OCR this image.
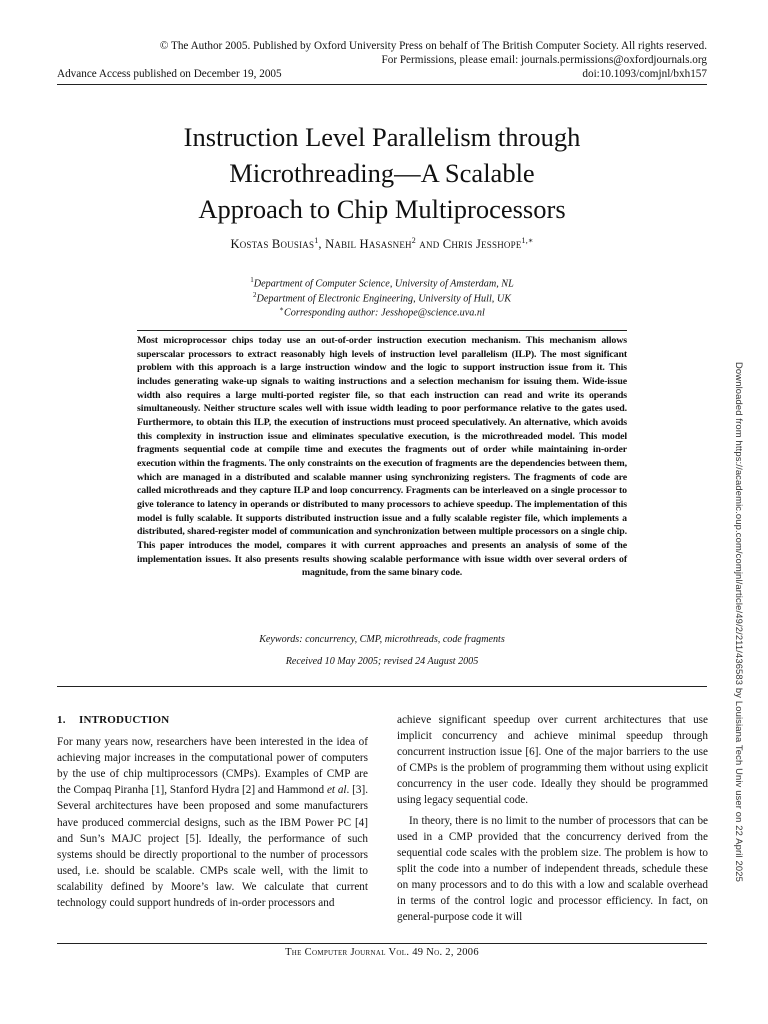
© The Author 2005. Published by Oxford University Press on behalf of The British Computer Society. All rights reserved.
For Permissions, please email: journals.permissions@oxfordjournals.org
Advance Access published on December 19, 2005	doi:10.1093/comjnl/bxh157
Instruction Level Parallelism through
Microthreading—A Scalable
Approach to Chip Multiprocessors
Kostas Bousias$^1$, Nabil Hasasneh$^2$ and Chris Jesshope$^{1,∗}$
$^1$Department of Computer Science, University of Amsterdam, NL
$^2$Department of Electronic Engineering, University of Hull, UK
∗Corresponding author: Jesshope@science.uva.nl
Most microprocessor chips today use an out-of-order instruction execution mechanism. This mechanism allows superscalar processors to extract reasonably high levels of instruction level parallelism (ILP). The most significant problem with this approach is a large instruction window and the logic to support instruction issue from it. This includes generating wake-up signals to waiting instructions and a selection mechanism for issuing them. Wide-issue width also requires a large multi-ported register file, so that each instruction can read and write its operands simultaneously. Neither structure scales well with issue width leading to poor performance relative to the gates used. Furthermore, to obtain this ILP, the execution of instructions must proceed speculatively. An alternative, which avoids this complexity in instruction issue and eliminates speculative execution, is the microthreaded model. This model fragments sequential code at compile time and executes the fragments out of order while maintaining in-order execution within the fragments. The only constraints on the execution of fragments are the dependencies between them, which are managed in a distributed and scalable manner using synchronizing registers. The fragments of code are called microthreads and they capture ILP and loop concurrency. Fragments can be interleaved on a single processor to give tolerance to latency in operands or distributed to many processors to achieve speedup. The implementation of this model is fully scalable. It supports distributed instruction issue and a fully scalable register file, which implements a distributed, shared-register model of communication and synchronization between multiple processors on a single chip. This paper introduces the model, compares it with current approaches and presents an analysis of some of the implementation issues. It also presents results showing scalable performance with issue width over several orders of magnitude, from the same binary code.
Keywords: concurrency, CMP, microthreads, code fragments
Received 10 May 2005; revised 24 August 2005
1. INTRODUCTION

For many years now, researchers have been interested in the idea of achieving major increases in the computational power of computers by the use of chip multiprocessors (CMPs). Examples of CMP are the Compaq Piranha [1], Stanford Hydra [2] and Hammond et al. [3]. Several architectures have been proposed and some manufacturers have produced commercial designs, such as the IBM Power PC [4] and Sun’s MAJC project [5]. Ideally, the performance of such systems should be directly proportional to the number of processors used, i.e. should be scalable. CMPs scale well, with the limit to scalability defined by Moore’s law. We calculate that current technology could support hundreds of in-order processors and

achieve significant speedup over current architectures that use implicit concurrency and achieve minimal speedup through concurrent instruction issue [6]. One of the major barriers to the use of CMPs is the problem of programming them without using explicit concurrency in the user code. Ideally they should be programmed using legacy sequential code.

In theory, there is no limit to the number of processors that can be used in a CMP provided that the concurrency derived from the sequential code scales with the problem size. The problem is how to split the code into a number of independent threads, schedule these on many processors and to do this with a low and scalable overhead in terms of the control logic and processor efficiency. In fact, on general-purpose code it will

The Computer Journal Vol. 49 No. 2, 2006
Downloaded from https://academic.oup.com/comjnl/article/49/2/211/436583 by Louisiana Tech Univ user on 22 April 2025
